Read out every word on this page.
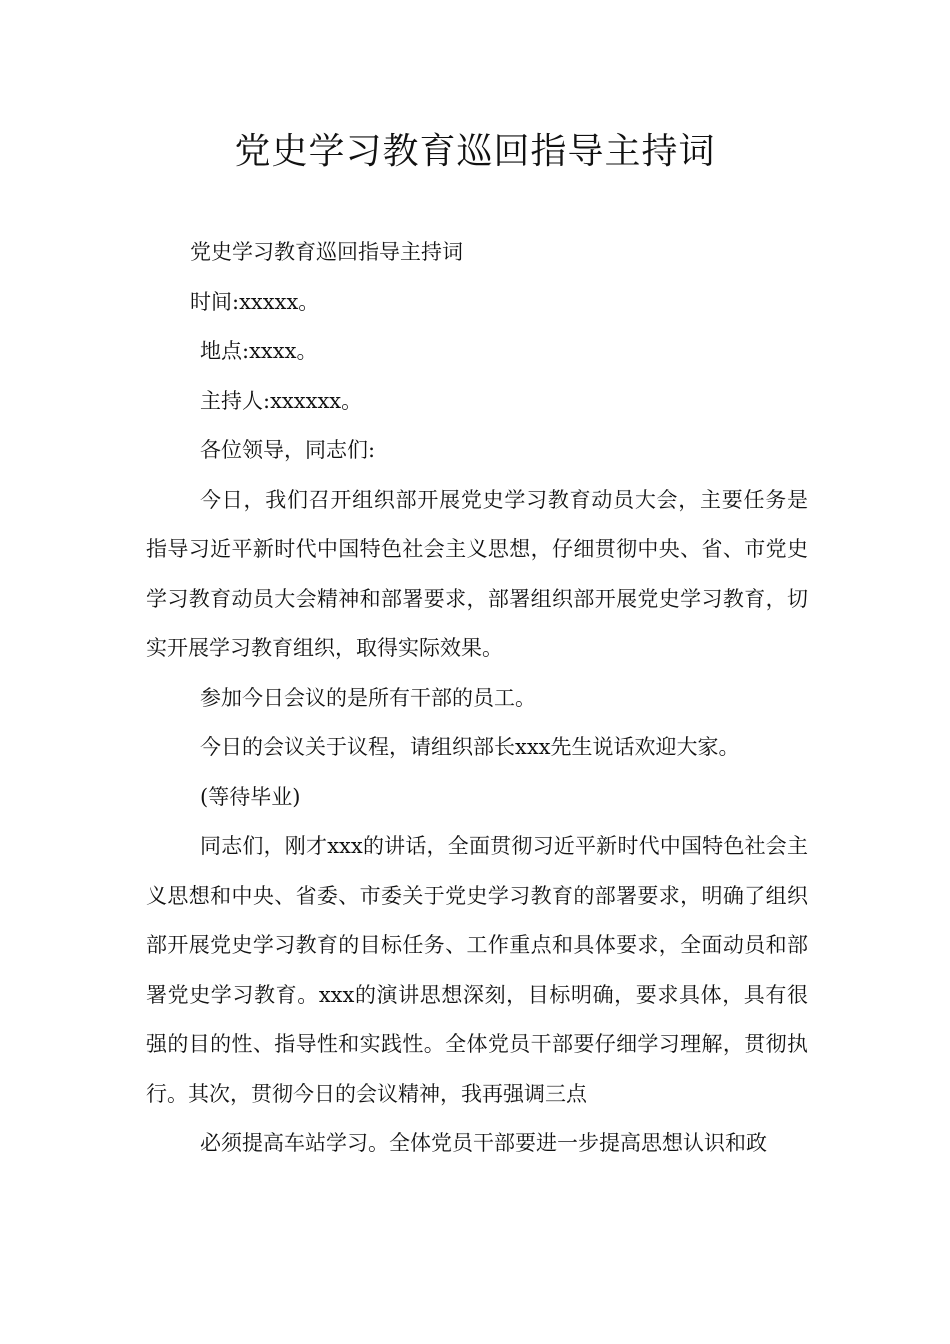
党史学习教育巡回指导主持词

党史学习教育巡回指导主持词

时间:xxxxx。

地点:xxxx。

主持人:xxxxxx。

各位领导，同志们:

今日，我们召开组织部开展党史学习教育动员大会，主要任务是指导习近平新时代中国特色社会主义思想，仔细贯彻中央、省、市党史学习教育动员大会精神和部署要求，部署组织部开展党史学习教育，切实开展学习教育组织，取得实际效果。

参加今日会议的是所有干部的员工。

今日的会议关于议程，请组织部长xxx先生说话欢迎大家。

(等待毕业)

同志们，刚才xxx的讲话，全面贯彻习近平新时代中国特色社会主义思想和中央、省委、市委关于党史学习教育的部署要求，明确了组织部开展党史学习教育的目标任务、工作重点和具体要求，全面动员和部署党史学习教育。xxx的演讲思想深刻，目标明确，要求具体，具有很强的目的性、指导性和实践性。全体党员干部要仔细学习理解，贯彻执行。其次，贯彻今日的会议精神，我再强调三点

必须提高车站学习。全体党员干部要进一步提高思想认识和政
